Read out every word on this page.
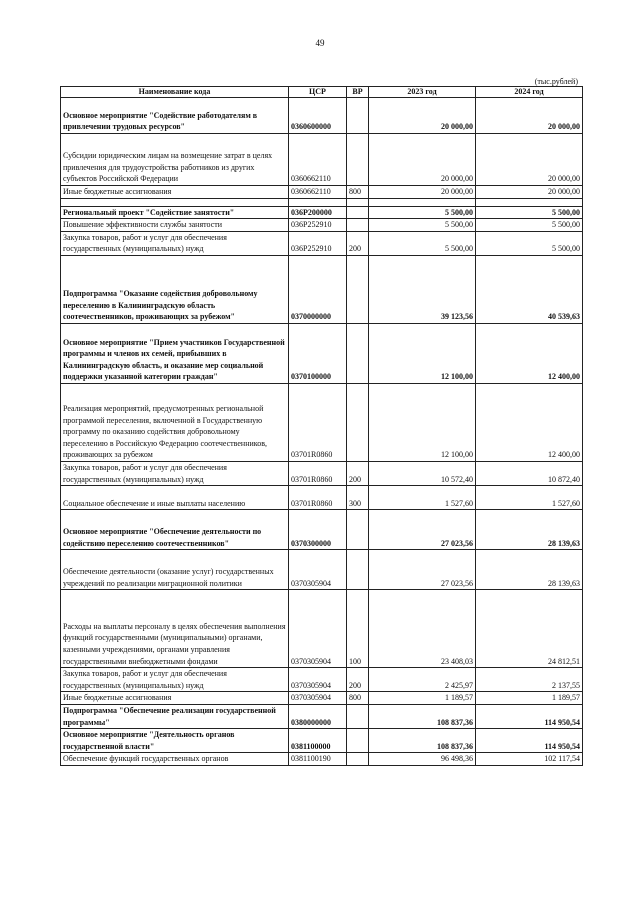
49
(тыс.рублей)
Наименование кода	ЦСР	ВР	2023 год	2024 год
Основное мероприятие "Содействие работодателям в привлечении трудовых ресурсов"	0360600000		20 000,00	20 000,00
Субсидии юридическим лицам на возмещение затрат в целях привлечения для трудоустройства работников из других субъектов Российской Федерации	0360662110		20 000,00	20 000,00
Иные бюджетные ассигнования	0360662110	800	20 000,00	20 000,00

Региональный проект "Содействие занятости"	036Р200000		5 500,00	5 500,00
Повышение эффективности службы занятости	036Р252910		5 500,00	5 500,00
Закупка товаров, работ и услуг для обеспечения государственных (муниципальных) нужд	036Р252910	200	5 500,00	5 500,00
Подпрограмма "Оказание содействия добровольному переселению в Калининградскую область соотечественников, проживающих за рубежом"	0370000000		39 123,56	40 539,63
Основное мероприятие "Прием участников Государственной программы и членов их семей, прибывших в Калининградскую область, и оказание мер социальной поддержки указанной категории граждан"	0370100000		12 100,00	12 400,00
Реализация мероприятий, предусмотренных региональной программой переселения, включенной в Государственную программу по оказанию содействия добровольному переселению в Российскую Федерацию соотечественников, проживающих за рубежом	03701R0860		12 100,00	12 400,00
Закупка товаров, работ и услуг для обеспечения государственных (муниципальных) нужд	03701R0860	200	10 572,40	10 872,40
Социальное обеспечение и иные выплаты населению	03701R0860	300	1 527,60	1 527,60
Основное мероприятие "Обеспечение деятельности по содействию переселению соотечественников"	0370300000		27 023,56	28 139,63
Обеспечение деятельности (оказание услуг) государственных учреждений по реализации миграционной политики	0370305904		27 023,56	28 139,63
Расходы на выплаты персоналу в целях обеспечения выполнения функций государственными (муниципальными) органами, казенными учреждениями, органами управления государственными внебюджетными фондами	0370305904	100	23 408,03	24 812,51
Закупка товаров, работ и услуг для обеспечения государственных (муниципальных) нужд	0370305904	200	2 425,97	2 137,55
Иные бюджетные ассигнования	0370305904	800	1 189,57	1 189,57
Подпрограмма "Обеспечение реализации государственной программы"	0380000000		108 837,36	114 950,54
Основное мероприятие "Деятельность органов государственной власти"	0381100000		108 837,36	114 950,54
Обеспечение функций государственных органов	0381100190		96 498,36	102 117,54
